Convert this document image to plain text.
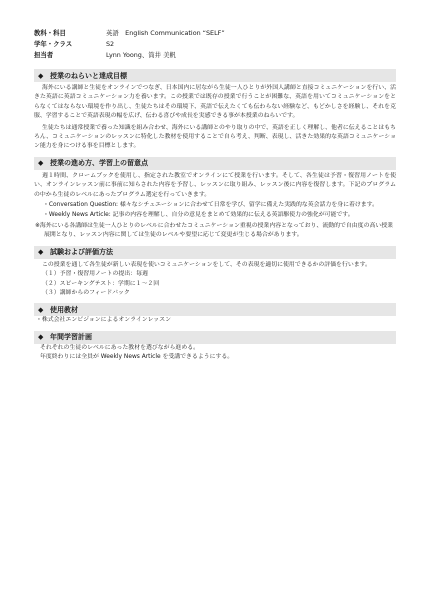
教科・科目	英語　English Communication “SELF”
学年・クラス	S2
担当者	Lynn Yoong、筒井 美帆
◆ 授業のねらいと達成目標

海外にいる講師と生徒をオンラインでつなぎ、日本国内に居ながら生徒一人ひとりが外国人講師と直接コミュニケーションを行い、活きた英語に英語コミュニケーション力を養います。この授業では既存の授業で行うことが困難な、英語を用いてコミュニケーションをとらなくてはならない環境を作り出し、生徒たちはその環境下、英語で伝えたくても伝わらない経験など、もどかしさを経験し、それを克服、学習することで英語表現の幅を広げ、伝わる喜びや成長を実感できる事が本授業のねらいです。

生徒たちは通常授業で養った知識を組み合わせ、海外にいる講師とのやり取りの中で、英語を正しく理解し、他者に伝えることはもちろん、コミュニケーションのレッスンに特化した教材を使用することで自ら考え、判断、表現し、活きた効果的な英語コミュニケーション能力を身につける事を目標とします。

◆ 授業の進め方、学習上の留意点

週１時間、クロームブックを使用し、指定された教室でオンラインにて授業を行います。そして、各生徒は予習・復習用ノートを使い、オンラインレッスン前に事前に知らされた内容を予習し、レッスンに取り組み、レッスン後に内容を復習します。下記のプログラムの中から生徒のレベルにあったプログラム選定を行っていきます。

・Conversation Question: 様々なシチュエーションに合わせて日常を学び、留学に備えた実践的な英会話力を身に着けます。
・Weekly News Article: 記事の内容を理解し、自分の意見をまとめて効果的に伝える英語駆使力の強化が可能です。
※海外にいる各講師は生徒一人ひとりのレベルに合わせたコミュニケーション重視の授業内容となっており、流動的で自由度の高い授業展開となり、レッスン内容に関しては生徒のレベルや要望に応じて変更が生じる場合があります。
◆ 試験および評価方法

この授業を通して各生徒が新しい表現を使いコミュニケーションをして、その表現を適切に使用できるかの評価を行います。

（１）予習・復習用ノートの提出：毎週
（２）スピーキングテスト：学期に１～２回
（３）講師からのフィードバック
◆ 使用教材
・株式会社エンビジョンによるオンラインレッスン
◆ 年間学習計画
それぞれの生徒のレベルにあった教材を選びながら進める。
年度終わりには全員が Weekly News Article を受講できるようにする。
